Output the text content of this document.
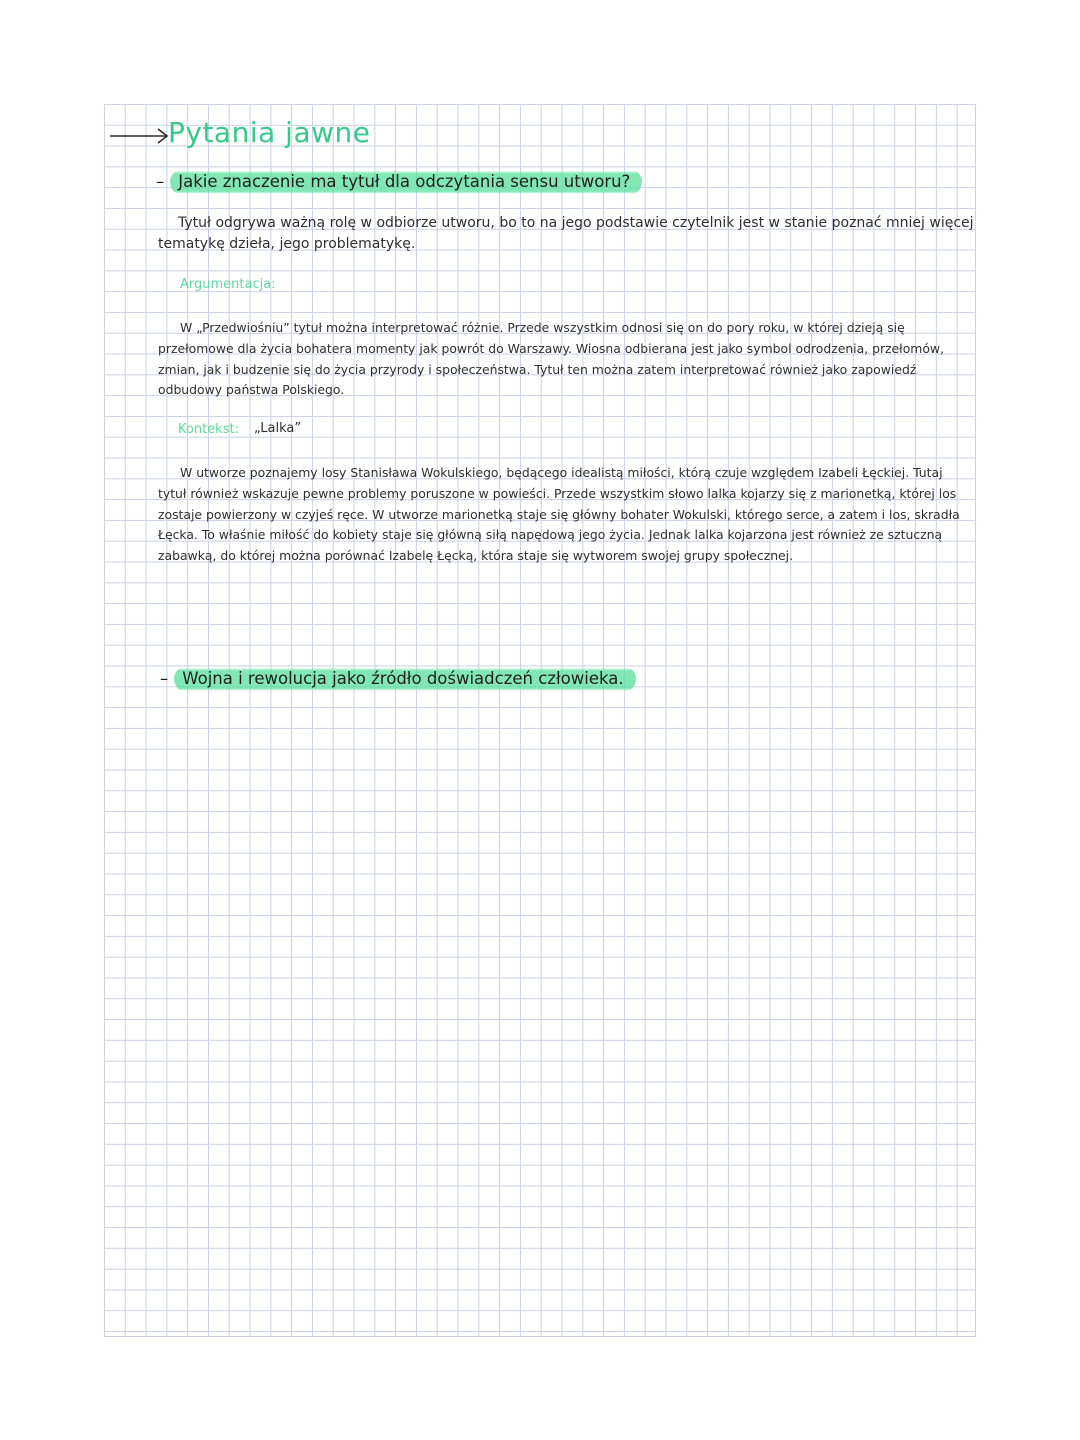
Pytania jawne
– Jakie znaczenie ma tytuł dla odczytania sensu utworu?

Tytuł odgrywa ważną rolę w odbiorze utworu, bo to na jego podstawie czytelnik jest w stanie poznać mniej więcej tematykę dzieła, jego problematykę.

Argumentacja:

W „Przedwiośniu” tytuł można interpretować różnie. Przede wszystkim odnosi się on do pory roku, w której dzieją się przełomowe dla życia bohatera momenty jak powrót do Warszawy. Wiosna odbierana jest jako symbol odrodzenia, przełomów, zmian, jak i budzenie się do życia przyrody i społeczeństwa. Tytuł ten można zatem interpretować również jako zapowiedź odbudowy państwa Polskiego.

Kontekst: „Lalka”

W utworze poznajemy losy Stanisława Wokulskiego, będącego idealistą miłości, którą czuje względem Izabeli Łęckiej. Tutaj tytuł również wskazuje pewne problemy poruszone w powieści. Przede wszystkim słowo lalka kojarzy się z marionetką, której los zostaje powierzony w czyjeś ręce. W utworze marionetką staje się główny bohater Wokulski, którego serce, a zatem i los, skradła Łęcka. To właśnie miłość do kobiety staje się główną siłą napędową jego życia. Jednak lalka kojarzona jest również ze sztuczną zabawką, do której można porównać Izabelę Łęcką, która staje się wytworem swojej grupy społecznej.

– Wojna i rewolucja jako źródło doświadczeń człowieka.
